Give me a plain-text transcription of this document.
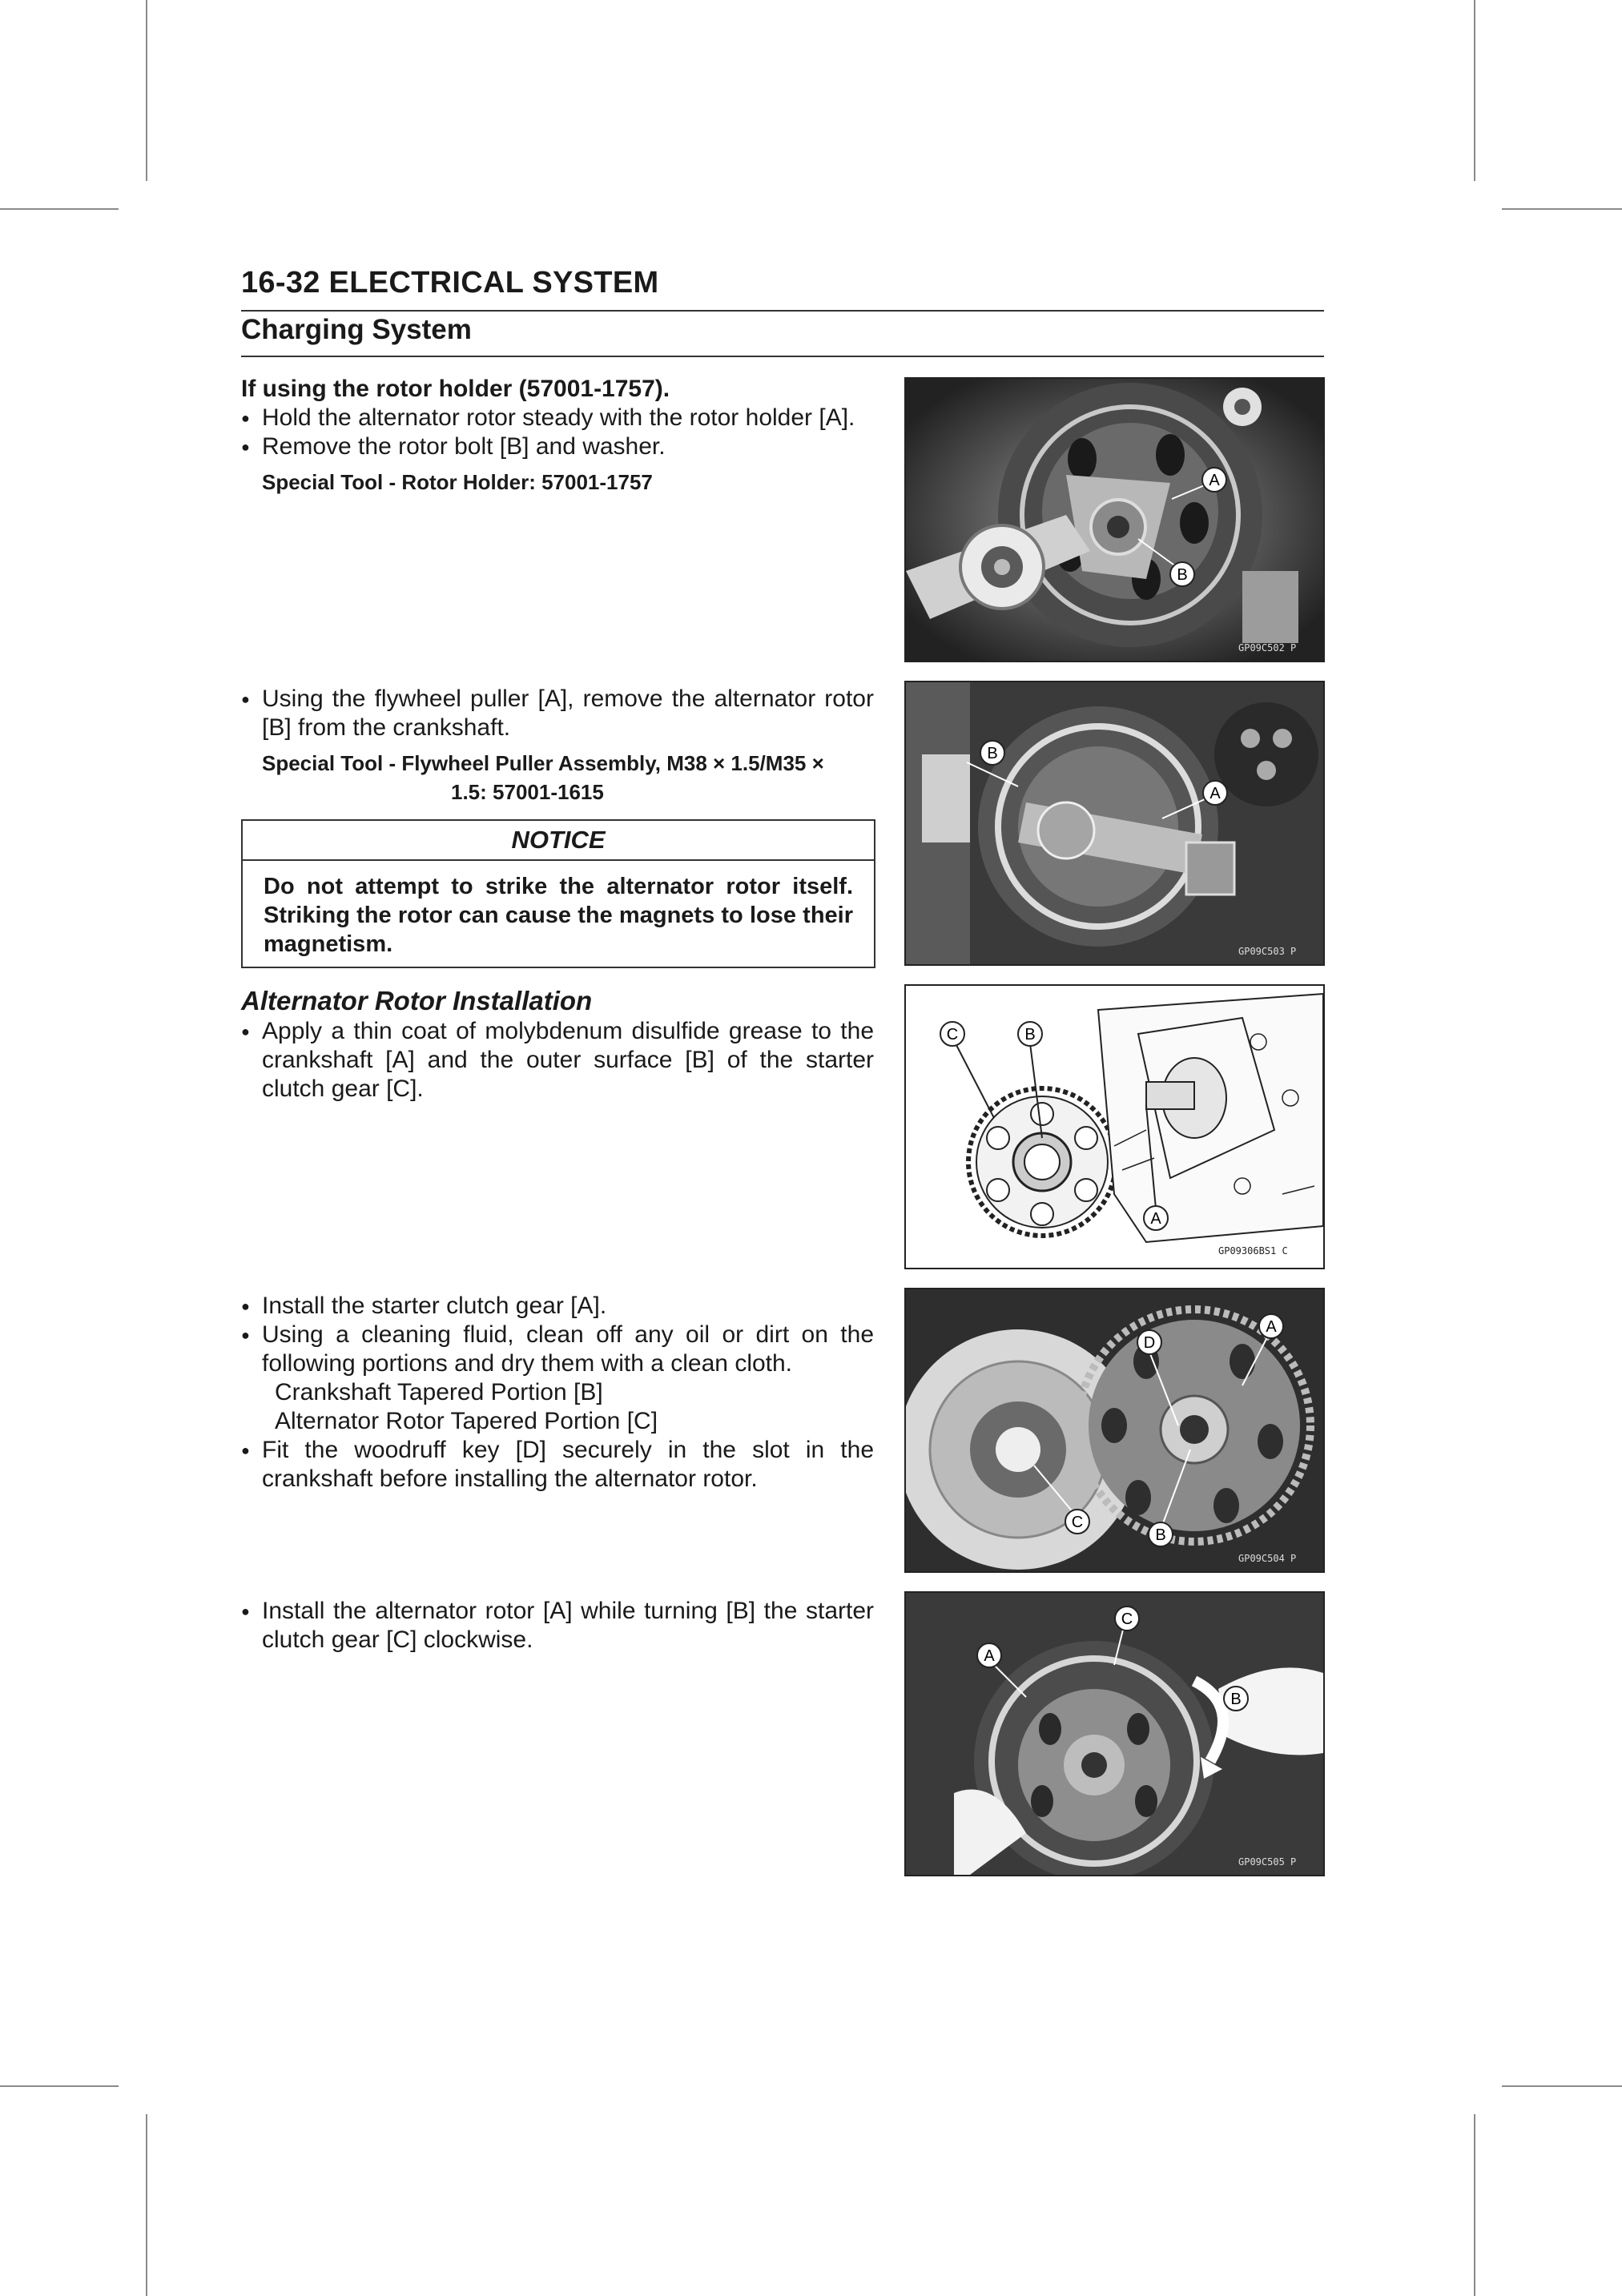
16-32 ELECTRICAL SYSTEM
Charging System
If using the rotor holder (57001-1757).
● Hold the alternator rotor steady with the rotor holder [A].
● Remove the rotor bolt [B] and washer.
Special Tool - Rotor Holder: 57001-1757
● Using the flywheel puller [A], remove the alternator rotor [B] from the crankshaft.
Special Tool - Flywheel Puller Assembly, M38 × 1.5/M35 ×
1.5: 57001-1615
NOTICE
Do not attempt to strike the alternator rotor itself. Striking the rotor can cause the magnets to lose their magnetism.
Alternator Rotor Installation
● Apply a thin coat of molybdenum disulfide grease to the crankshaft [A] and the outer surface [B] of the starter clutch gear [C].
● Install the starter clutch gear [A].
● Using a cleaning fluid, clean off any oil or dirt on the following portions and dry them with a clean cloth.
Crankshaft Tapered Portion [B]
Alternator Rotor Tapered Portion [C]
● Fit the woodruff key [D] securely in the slot in the crankshaft before installing the alternator rotor.
● Install the alternator rotor [A] while turning [B] the starter clutch gear [C] clockwise.
A
B
GP09C502 P
B
A
GP09C503 P
C	B
A
GP09306BS1 C
D
A
C
B
GP09C504 P
C
A
B
GP09C505 P
